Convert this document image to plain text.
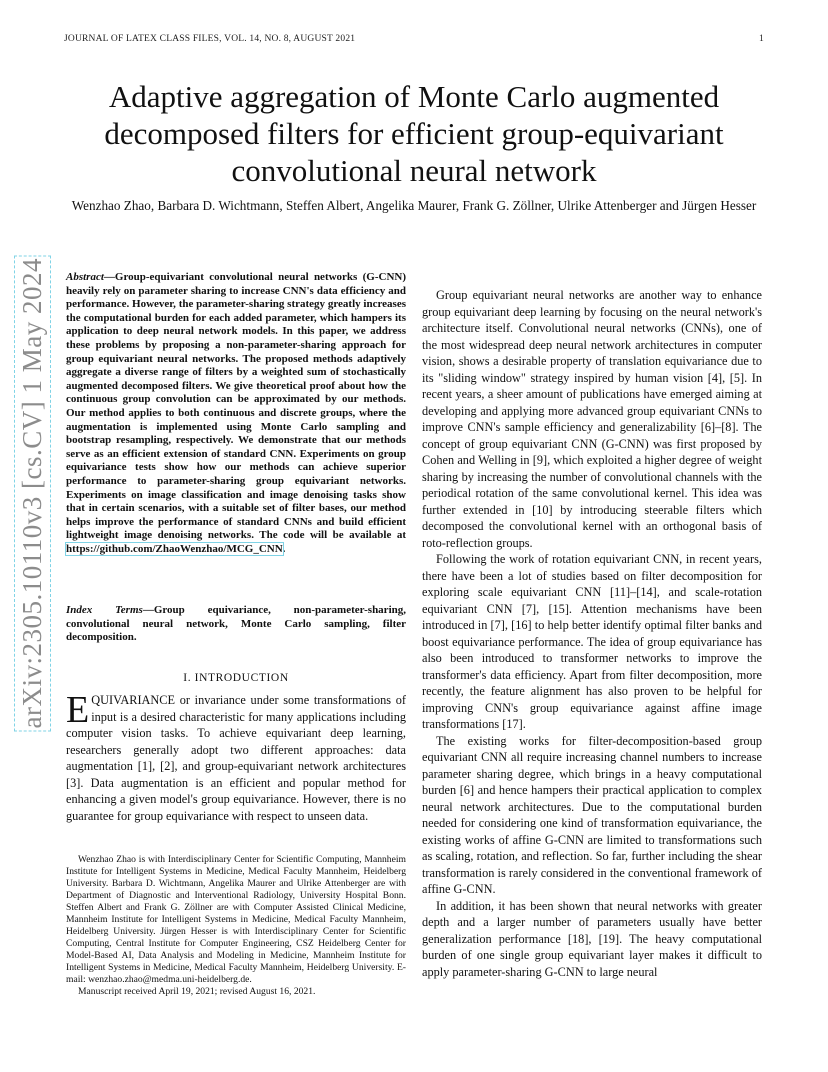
JOURNAL OF LATEX CLASS FILES, VOL. 14, NO. 8, AUGUST 2021	1
Adaptive aggregation of Monte Carlo augmented
decomposed filters for efficient group-equivariant
convolutional neural network
Wenzhao Zhao, Barbara D. Wichtmann, Steffen Albert, Angelika Maurer, Frank G. Zöllner, Ulrike Attenberger and Jürgen Hesser
arXiv:2305.10110v3 [cs.CV] 1 May 2024 Abstract—Group-equivariant convolutional neural networks (G-CNN) heavily rely on parameter sharing to increase CNN's data efficiency and performance. However, the parameter-sharing strategy greatly increases the computational burden for each added parameter, which hampers its application to deep neural network models. In this paper, we address these problems by proposing a non-parameter-sharing approach for group equivariant neural networks. The proposed methods adaptively aggregate a diverse range of filters by a weighted sum of stochastically augmented decomposed filters. We give theoretical proof about how the continuous group convolution can be approximated by our methods. Our method applies to both continuous and discrete groups, where the augmentation is implemented using Monte Carlo sampling and bootstrap resampling, respectively. We demonstrate that our methods serve as an efficient extension of standard CNN. Experiments on group equivariance tests show how our methods can achieve superior performance to parameter-sharing group equivariant networks. Experiments on image classification and image denoising tasks show that in certain scenarios, with a suitable set of filter bases, our method helps improve the performance of standard CNNs and build efficient lightweight image denoising networks. The code will be available at https://github.com/ZhaoWenzhao/MCG_CNN.
Index Terms—Group equivariance, non-parameter-sharing, convolutional neural network, Monte Carlo sampling, filter decomposition.
I. INTRODUCTION
EQUIVARIANCE or invariance under some transformations of input is a desired characteristic for many applications including computer vision tasks. To achieve equivariant deep learning, researchers generally adopt two different approaches: data augmentation [1], [2], and group-equivariant network architectures [3]. Data augmentation is an efficient and popular method for enhancing a given model's group equivariance. However, there is no guarantee for group equivariance with respect to unseen data.

Wenzhao Zhao is with Interdisciplinary Center for Scientific Computing, Mannheim Institute for Intelligent Systems in Medicine, Medical Faculty Mannheim, Heidelberg University. Barbara D. Wichtmann, Angelika Maurer and Ulrike Attenberger are with Department of Diagnostic and Interventional Radiology, University Hospital Bonn. Steffen Albert and Frank G. Zöllner are with Computer Assisted Clinical Medicine, Mannheim Institute for Intelligent Systems in Medicine, Medical Faculty Mannheim, Heidelberg University. Jürgen Hesser is with Interdisciplinary Center for Scientific Computing, Central Institute for Computer Engineering, CSZ Heidelberg Center for Model-Based AI, Data Analysis and Modeling in Medicine, Mannheim Institute for Intelligent Systems in Medicine, Medical Faculty Mannheim, Heidelberg University. E-mail: wenzhao.zhao@medma.uni-heidelberg.de.

Manuscript received April 19, 2021; revised August 16, 2021.

Group equivariant neural networks are another way to enhance group equivariant deep learning by focusing on the neural network's architecture itself. Convolutional neural networks (CNNs), one of the most widespread deep neural network architectures in computer vision, shows a desirable property of translation equivariance due to its "sliding window" strategy inspired by human vision [4], [5]. In recent years, a sheer amount of publications have emerged aiming at developing and applying more advanced group equivariant CNNs to improve CNN's sample efficiency and generalizability [6]–[8]. The concept of group equivariant CNN (G-CNN) was first proposed by Cohen and Welling in [9], which exploited a higher degree of weight sharing by increasing the number of convolutional channels with the periodical rotation of the same convolutional kernel. This idea was further extended in [10] by introducing steerable filters which decomposed the convolutional kernel with an orthogonal basis of roto-reflection groups.

Following the work of rotation equivariant CNN, in recent years, there have been a lot of studies based on filter decomposition for exploring scale equivariant CNN [11]–[14], and scale-rotation equivariant CNN [7], [15]. Attention mechanisms have been introduced in [7], [16] to help better identify optimal filter banks and boost equivariance performance. The idea of group equivariance has also been introduced to transformer networks to improve the transformer's data efficiency. Apart from filter decomposition, more recently, the feature alignment has also proven to be helpful for improving CNN's group equivariance against affine image transformations [17].

The existing works for filter-decomposition-based group equivariant CNN all require increasing channel numbers to increase parameter sharing degree, which brings in a heavy computational burden [6] and hence hampers their practical application to complex neural network architectures. Due to the computational burden needed for considering one kind of transformation equivariance, the existing works of affine G-CNN are limited to transformations such as scaling, rotation, and reflection. So far, further including the shear transformation is rarely considered in the conventional framework of affine G-CNN.

In addition, it has been shown that neural networks with greater depth and a larger number of parameters usually have better generalization performance [18], [19]. The heavy computational burden of one single group equivariant layer makes it difficult to apply parameter-sharing G-CNN to large neural
